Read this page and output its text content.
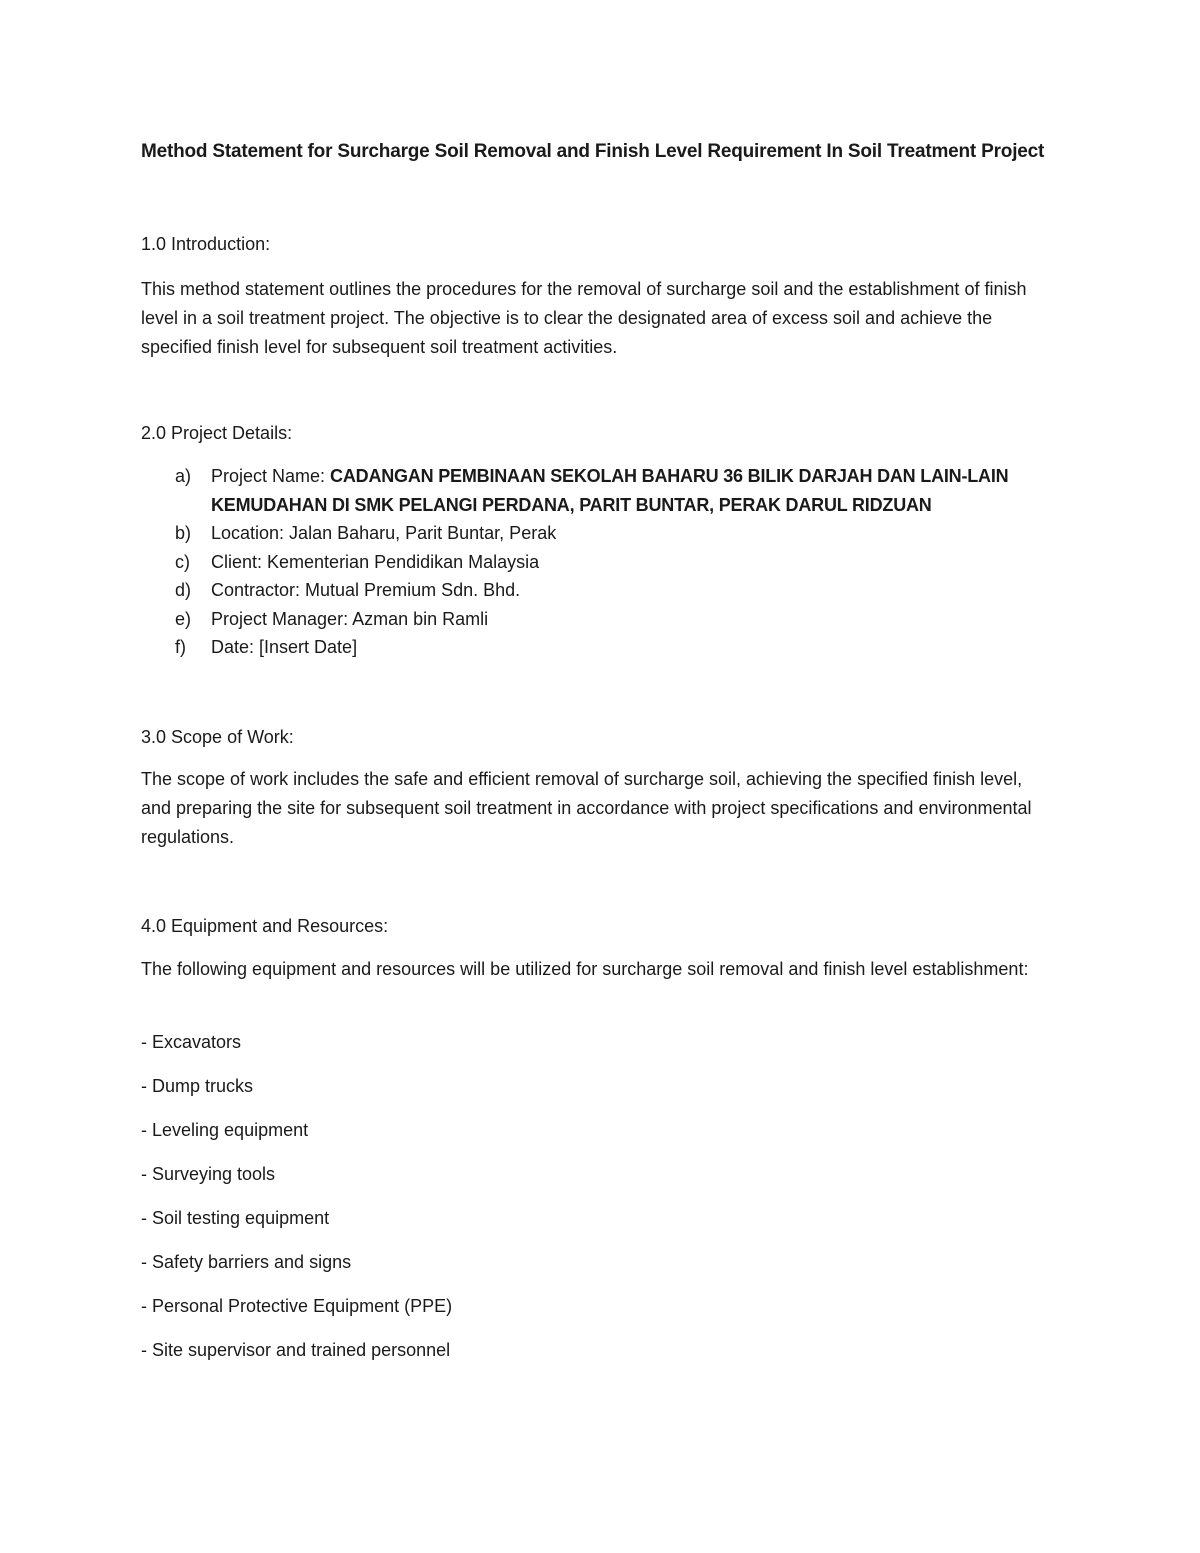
Method Statement for Surcharge Soil Removal and Finish Level Requirement In Soil Treatment Project
1.0 Introduction:
This method statement outlines the procedures for the removal of surcharge soil and the establishment of finish level in a soil treatment project. The objective is to clear the designated area of excess soil and achieve the specified finish level for subsequent soil treatment activities.
2.0 Project Details:
a)	Project Name: CADANGAN PEMBINAAN SEKOLAH BAHARU 36 BILIK DARJAH DAN LAIN-LAIN KEMUDAHAN DI SMK PELANGI PERDANA, PARIT BUNTAR, PERAK DARUL RIDZUAN
b)	Location: Jalan Baharu, Parit Buntar, Perak
c)	Client: Kementerian Pendidikan Malaysia
d)	Contractor: Mutual Premium Sdn. Bhd.
e)	Project Manager: Azman bin Ramli
f)	Date: [Insert Date]
3.0 Scope of Work:
The scope of work includes the safe and efficient removal of surcharge soil, achieving the specified finish level, and preparing the site for subsequent soil treatment in accordance with project specifications and environmental regulations.
4.0 Equipment and Resources:
The following equipment and resources will be utilized for surcharge soil removal and finish level establishment:
- Excavators
- Dump trucks
- Leveling equipment
- Surveying tools
- Soil testing equipment
- Safety barriers and signs
- Personal Protective Equipment (PPE)
- Site supervisor and trained personnel
